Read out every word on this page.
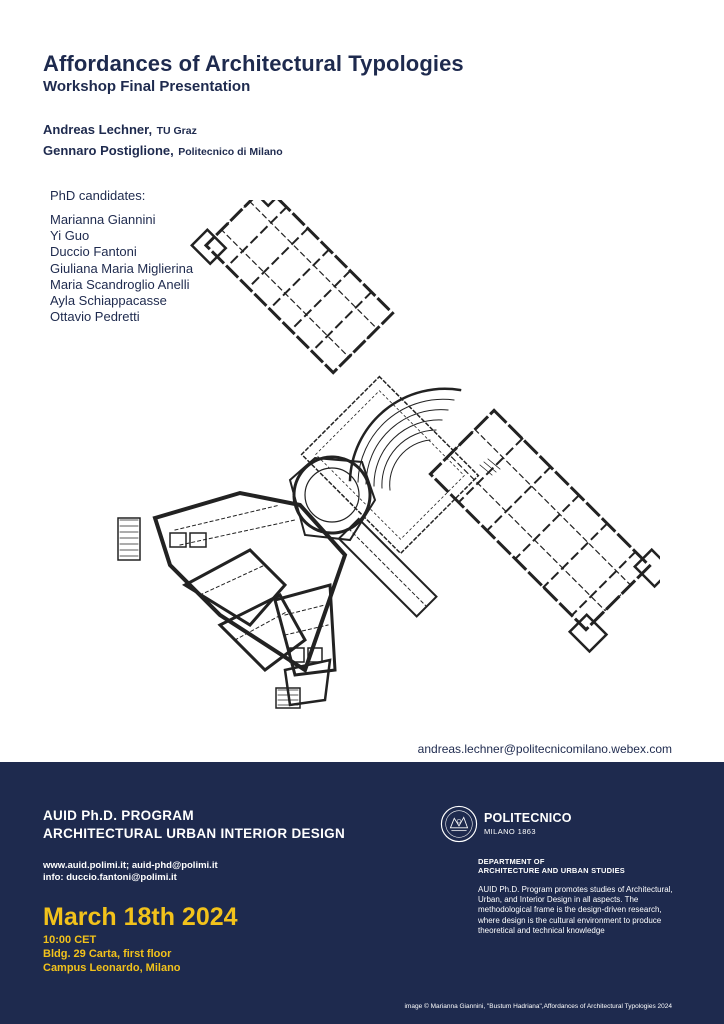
Affordances of Architectural Typologies
Workshop Final Presentation
Andreas Lechner, TU Graz
Gennaro Postiglione, Politecnico di Milano
PhD candidates:
Marianna Giannini
Yi Guo
Duccio Fantoni
Giuliana Maria Miglierina
Maria Scandroglio Anelli
Ayla Schiappacasse
Ottavio Pedretti
andreas.lechner@politecnicomilano.webex.com
AUID Ph.D. PROGRAM
ARCHITECTURAL URBAN INTERIOR DESIGN
www.auid.polimi.it; auid-phd@polimi.it
info: duccio.fantoni@polimi.it
March 18th 2024
10:00 CET
Bldg. 29 Carta, first floor
Campus Leonardo, Milano
POLITECNICO
MILANO 1863
DEPARTMENT OF
ARCHITECTURE AND URBAN STUDIES
AUID Ph.D. Program promotes studies of Architectural, Urban, and Interior Design in all aspects. The methodological frame is the design-driven research, where design is the cultural environment to produce theoretical and technical knowledge
image © Marianna Giannini, "Bustum Hadriana",Affordances of Architectural Typologies 2024
